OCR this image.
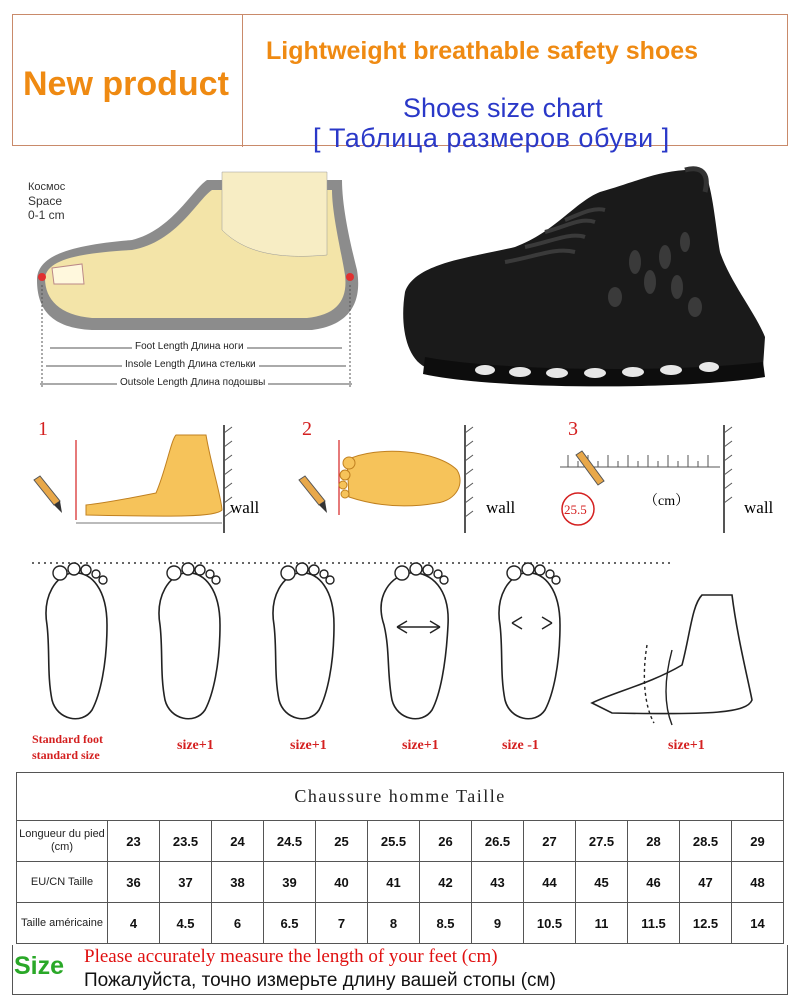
New product
Lightweight breathable safety shoes
Shoes size chart
[ Таблица размеров обуви ]
Космос
Space
0-1 cm
Foot Length Длина ноги
Insole Length Длина стельки
Outsole Length Длина подошвы
1
wall
2
wall
3
25.5
（cm）	wall
Standard foot
standard size
size+1	size+1	size+1	size -1	size+1
Chaussure homme Taille
Longueur du pied (cm)	23	23.5	24	24.5	25	25.5	26	26.5	27	27.5	28	28.5	29
EU/CN Taille	36	37	38	39	40	41	42	43	44	45	46	47	48
Taille américaine	4	4.5	6	6.5	7	8	8.5	9	10.5	11	11.5	12.5	14
Size Please accurately measure the length of your feet (cm)
Пожалуйста, точно измерьте длину вашей стопы (см)
